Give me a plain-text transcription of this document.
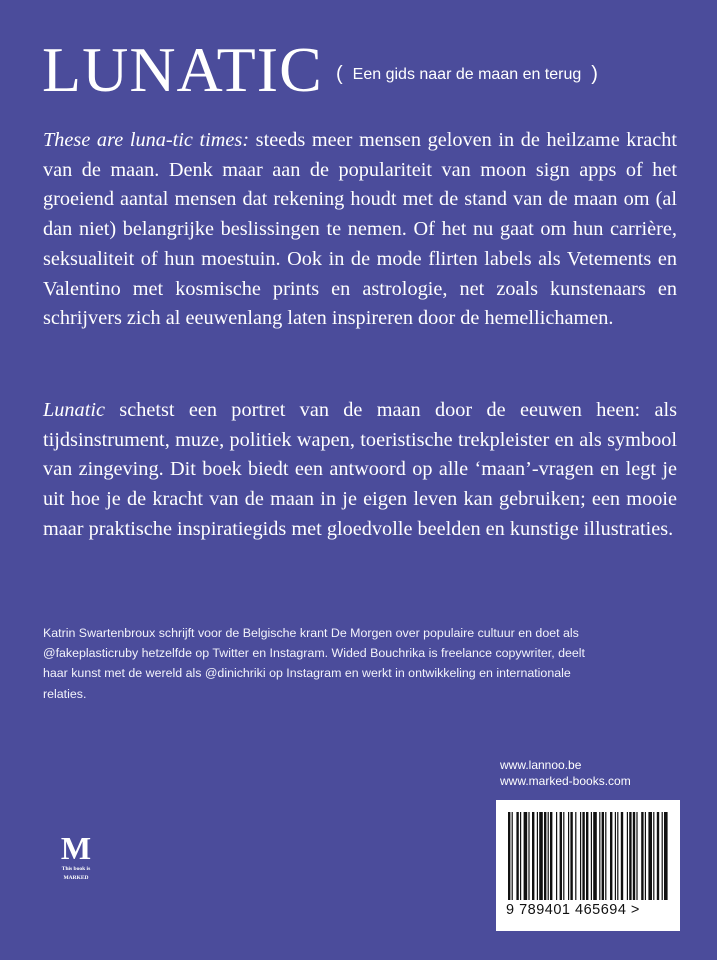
LUNATIC ( Een gids naar de maan en terug )

These are luna-tic times: steeds meer mensen geloven in de heilzame kracht van de maan. Denk maar aan de populariteit van moon sign apps of het groeiend aantal mensen dat rekening houdt met de stand van de maan om (al dan niet) belangrijke beslissingen te nemen. Of het nu gaat om hun carrière, seksualiteit of hun moestuin. Ook in de mode flirten labels als Vetements en Valentino met kosmische prints en astrologie, net zoals kunstenaars en schrijvers zich al eeuwenlang laten inspireren door de hemellichamen.

Lunatic schetst een portret van de maan door de eeuwen heen: als tijdsinstrument, muze, politiek wapen, toeristische trekpleister en als symbool van zingeving. Dit boek biedt een antwoord op alle ‘maan’-vragen en legt je uit hoe je de kracht van de maan in je eigen leven kan gebruiken; een mooie maar praktische inspiratiegids met gloedvolle beelden en kunstige illustraties.

Katrin Swartenbroux schrijft voor de Belgische krant De Morgen over populaire cultuur en doet als @fakeplasticruby hetzelfde op Twitter en Instagram. Wided Bouchrika is freelance copywriter, deelt haar kunst met de wereld als @dinichriki op Instagram en werkt in ontwikkeling en internationale relaties.

www.lannoo.be
www.marked-books.com
M
This book is
MARKED
9 789401 465694 >
